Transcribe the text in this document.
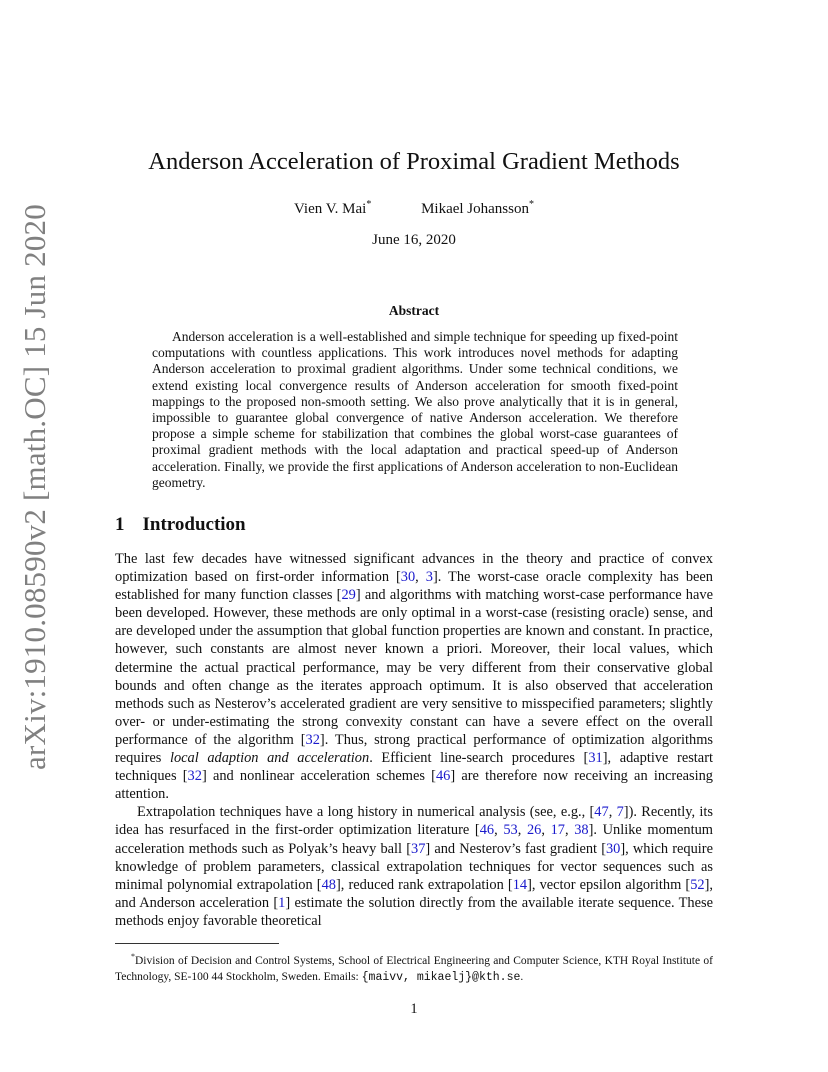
arXiv:1910.08590v2 [math.OC] 15 Jun 2020
Anderson Acceleration of Proximal Gradient Methods
Vien V. Mai*	Mikael Johansson*
June 16, 2020
Abstract
Anderson acceleration is a well-established and simple technique for speeding up fixed-point computations with countless applications. This work introduces novel methods for adapting Anderson acceleration to proximal gradient algorithms. Under some technical conditions, we extend existing local convergence results of Anderson acceleration for smooth fixed-point mappings to the proposed non-smooth setting. We also prove analytically that it is in general, impossible to guarantee global convergence of native Anderson acceleration. We therefore propose a simple scheme for stabilization that combines the global worst-case guarantees of proximal gradient methods with the local adaptation and practical speed-up of Anderson acceleration. Finally, we provide the first applications of Anderson acceleration to non-Euclidean geometry.
1 Introduction

The last few decades have witnessed significant advances in the theory and practice of convex optimization based on first-order information [30, 3]. The worst-case oracle complexity has been established for many function classes [29] and algorithms with matching worst-case performance have been developed. However, these methods are only optimal in a worst-case (resisting oracle) sense, and are developed under the assumption that global function properties are known and constant. In practice, however, such constants are almost never known a priori. Moreover, their local values, which determine the actual practical performance, may be very different from their conservative global bounds and often change as the iterates approach optimum. It is also observed that acceleration methods such as Nesterov’s accelerated gradient are very sensitive to misspecified parameters; slightly over- or under-estimating the strong convexity constant can have a severe effect on the overall performance of the algorithm [32]. Thus, strong practical performance of optimization algorithms requires local adaption and acceleration. Efficient line-search procedures [31], adaptive restart techniques [32] and nonlinear acceleration schemes [46] are therefore now receiving an increasing attention.

Extrapolation techniques have a long history in numerical analysis (see, e.g., [47, 7]). Recently, its idea has resurfaced in the first-order optimization literature [46, 53, 26, 17, 38]. Unlike momentum acceleration methods such as Polyak’s heavy ball [37] and Nesterov’s fast gradient [30], which require knowledge of problem parameters, classical extrapolation techniques for vector sequences such as minimal polynomial extrapolation [48], reduced rank extrapolation [14], vector epsilon algorithm [52], and Anderson acceleration [1] estimate the solution directly from the available iterate sequence. These methods enjoy favorable theoretical

*Division of Decision and Control Systems, School of Electrical Engineering and Computer Science, KTH Royal Institute of Technology, SE-100 44 Stockholm, Sweden. Emails: {maivv, mikaelj}@kth.se.
1
